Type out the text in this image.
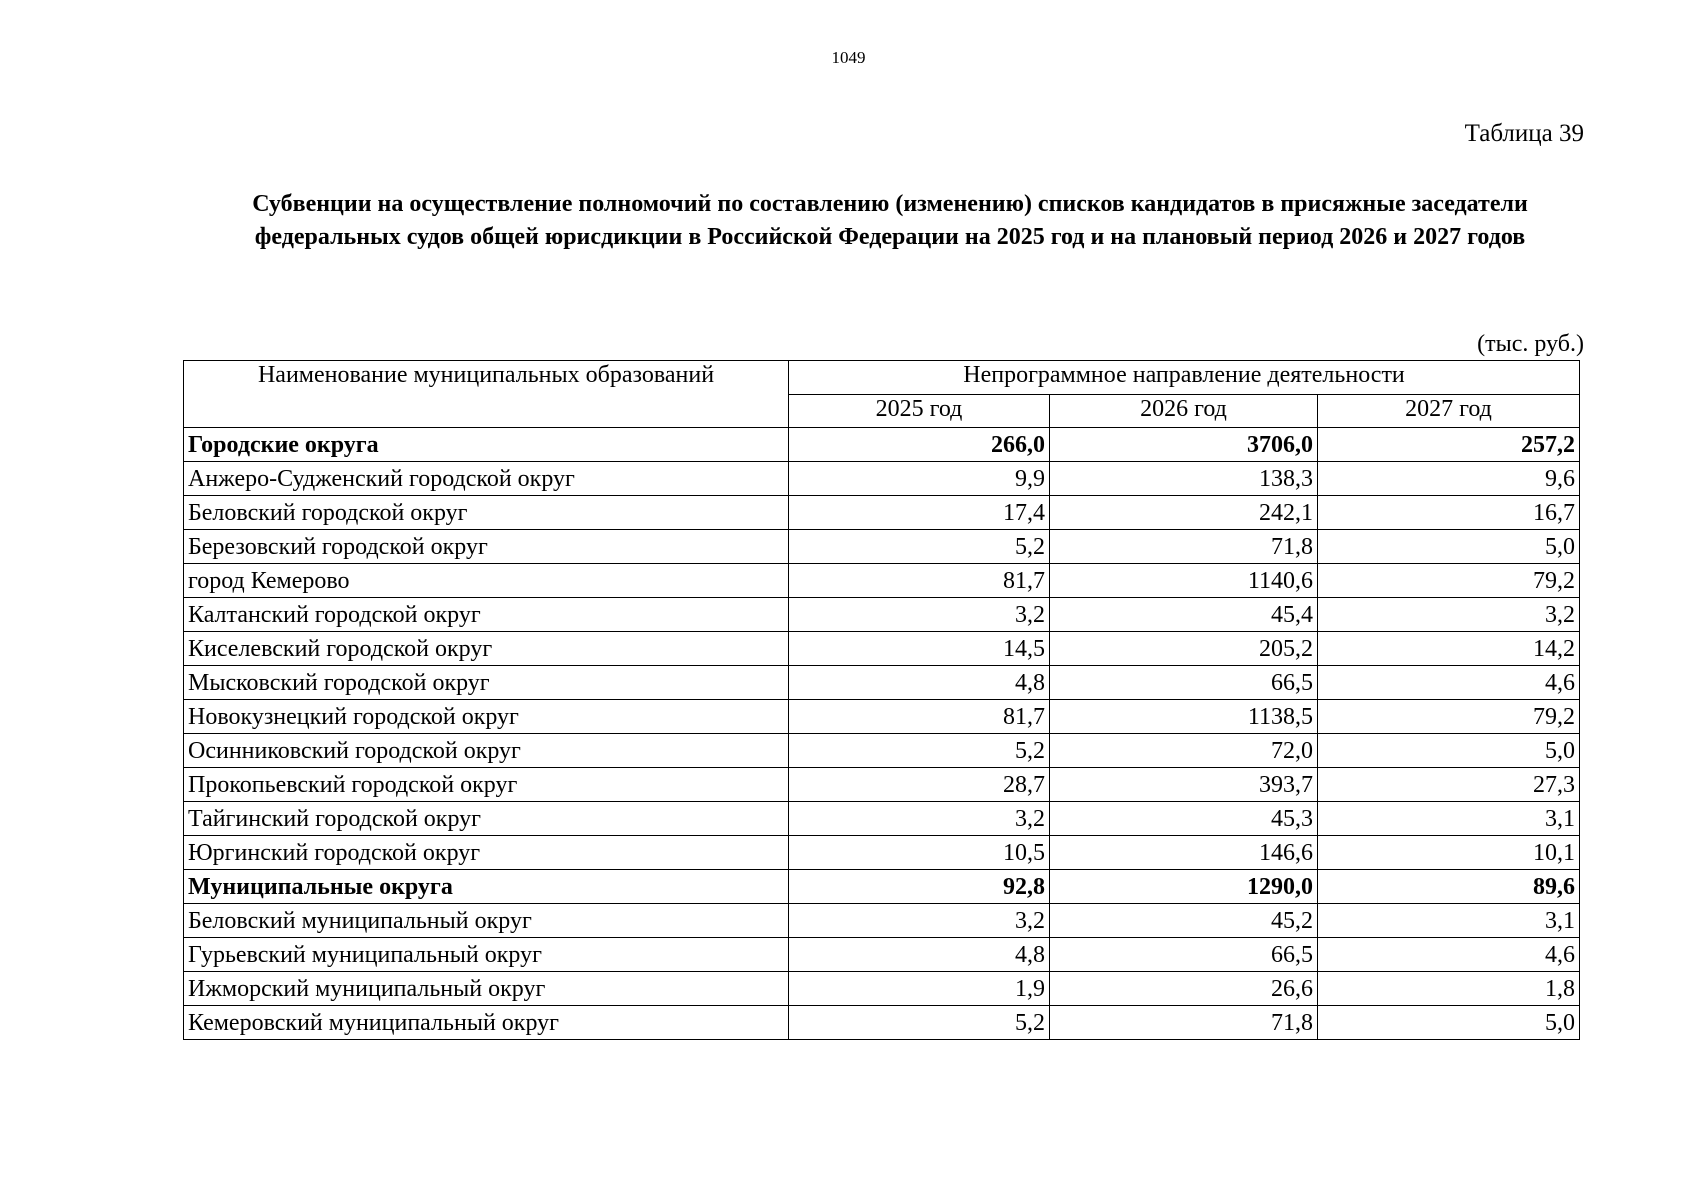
1049
Таблица 39
Субвенции на осуществление полномочий по составлению (изменению) списков кандидатов в присяжные заседатели федеральных судов общей юрисдикции в Российской Федерации на 2025 год и на плановый период 2026 и 2027 годов
(тыс. руб.)
Наименование муниципальных образований	Непрограммное направление деятельности		
	2025 год	2026 год	2027 год
Городские округа	266,0	3706,0	257,2
Анжеро-Судженский городской округ	9,9	138,3	9,6
Беловский городской округ	17,4	242,1	16,7
Березовский городской округ	5,2	71,8	5,0
город Кемерово	81,7	1140,6	79,2
Калтанский городской округ	3,2	45,4	3,2
Киселевский городской округ	14,5	205,2	14,2
Мысковский городской округ	4,8	66,5	4,6
Новокузнецкий городской округ	81,7	1138,5	79,2
Осинниковский городской округ	5,2	72,0	5,0
Прокопьевский городской округ	28,7	393,7	27,3
Тайгинский городской округ	3,2	45,3	3,1
Юргинский городской округ	10,5	146,6	10,1
Муниципальные округа	92,8	1290,0	89,6
Беловский муниципальный округ	3,2	45,2	3,1
Гурьевский муниципальный округ	4,8	66,5	4,6
Ижморский муниципальный округ	1,9	26,6	1,8
Кемеровский муниципальный округ	5,2	71,8	5,0
